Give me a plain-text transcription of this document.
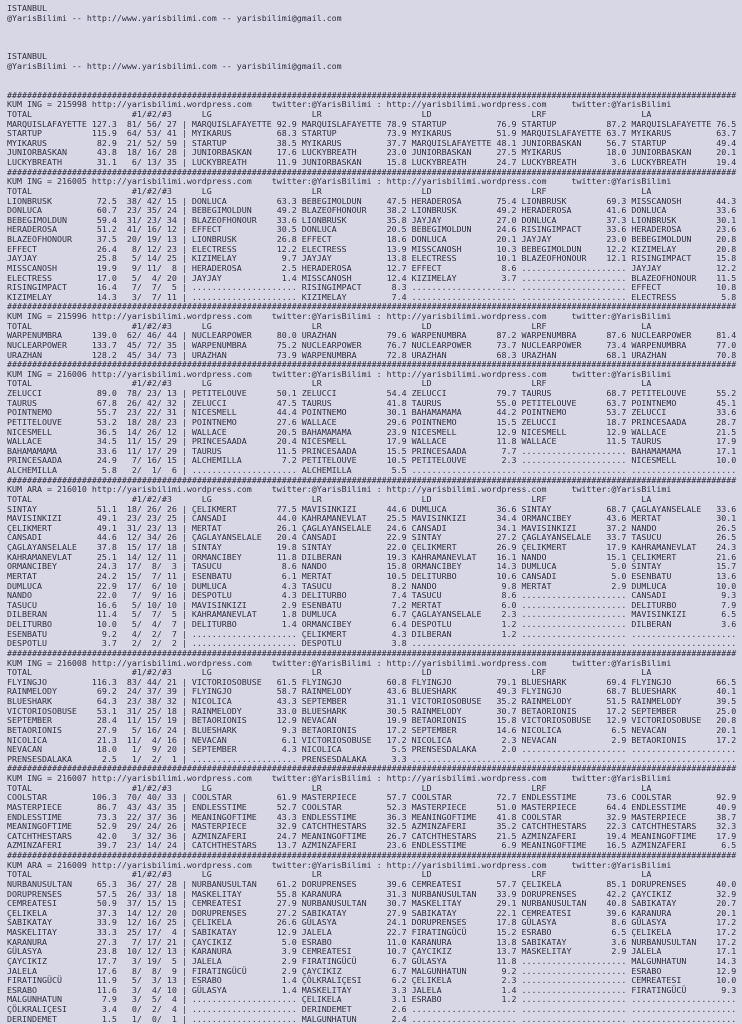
ISTANBUL
@YarisBilimi -- http://www.yarisbilimi.com -- yarisbilimi@gmail.com

ISTANBUL
@YarisBilimi -- http://www.yarisbilimi.com -- yarisbilimi@gmail.com

##################################################################################################################################################
KUM ING = 215998 http://yarisbilimi.wordpress.com    twitter:@YarisBilimi : http://yarisbilimi.wordpress.com     twitter:@YarisBilimi
TOTAL                    #1/#2/#3      LG                    LR                    LD                    LRF                   LA
MARQUISLAFAYETTE 127.3  81/ 56/ 27 | MARQUISLAFAYETTE 92.9 MARQUISLAFAYETTE 78.9 STARTUP          76.9 STARTUP          87.2 MARQUISLAFAYETTE 76.5
STARTUP          115.9  64/ 53/ 41 | MYIKARUS         68.3 STARTUP          73.9 MYIKARUS         51.9 MARQUISLAFAYETTE 63.7 MYIKARUS         63.7
MYIKARUS          82.9  21/ 52/ 59 | STARTUP          38.5 MYIKARUS         37.7 MARQUISLAFAYETTE 48.1 JUNIORBASKAN     56.7 STARTUP          49.4
JUNIORBASKAN      43.8  18/ 16/ 28 | JUNIORBASKAN     17.6 LUCKYBREATH      23.0 JUNIORBASKAN     27.5 MYIKARUS         18.0 JUNIORBASKAN     20.1
LUCKYBREATH       31.1   6/ 13/ 35 | LUCKYBREATH      11.9 JUNIORBASKAN     15.8 LUCKYBREATH      24.7 LUCKYBREATH       3.6 LUCKYBREATH      19.4
##################################################################################################################################################
KUM ING = 216005 http://yarisbilimi.wordpress.com    twitter:@YarisBilimi : http://yarisbilimi.wordpress.com     twitter:@YarisBilimi
TOTAL                    #1/#2/#3      LG                    LR                    LD                    LRF                   LA
LIONBRUSK         72.5  38/ 42/ 15 | DONLUCA          63.3 BEBEGIMOLDUN     47.5 HERADEROSA       75.4 LIONBRUSK        69.3 MISSCANOSH       44.3
DONLUCA           60.7  23/ 35/ 24 | BEBEGIMOLDUN     49.2 BLAZEOFHONOUR    38.2 LIONBRUSK        49.2 HERADEROSA       41.6 DONLUCA          33.6
BEBEGIMOLDUN      59.4  31/ 23/ 34 | BLAZEOFHONOUR    33.6 LIONBRUSK        35.8 JAYJAY           27.0 DONLUCA          37.3 LIONBRUSK        30.1
HERADEROSA        51.2  41/ 16/ 12 | EFFECT           30.5 DONLUCA          20.5 BEBEGIMOLDUN     24.6 RISINGIMPACT     33.6 HERADEROSA       23.6
BLAZEOFHONOUR     37.5  20/ 19/ 13 | LIONBRUSK        26.8 EFFECT           18.6 DONLUCA          20.1 JAYJAY           23.0 BEBEGIMOLDUN     20.8
EFFECT            26.4   8/ 12/ 23 | ELECTRESS        12.2 ELECTRESS        13.9 MISSCANOSH       10.3 BEBEGIMOLDUN     12.2 KIZIMELAY        20.8
JAYJAY            25.8   5/ 14/ 25 | KIZIMELAY         9.7 JAYJAY           13.8 ELECTRESS        10.1 BLAZEOFHONOUR    12.1 RISINGIMPACT     15.8
MISSCANOSH        19.9   9/ 11/  8 | HERADEROSA        2.5 HERADEROSA       12.7 EFFECT            8.6 ..................... JAYJAY           12.2
ELECTRESS         17.0   5/  4/ 20 | JAYJAY            1.4 MISSCANOSH       12.4 KIZIMELAY         3.7 ..................... BLAZEOFHONOUR    11.5
RISINGIMPACT      16.4   7/  7/  5 | ..................... RISINGIMPACT      8.3 ..................... ..................... EFFECT           10.8
KIZIMELAY         14.3   3/  7/ 11 | ..................... KIZIMELAY         7.4 ..................... ..................... ELECTRESS         5.8
##################################################################################################################################################
KUM ING = 215996 http://yarisbilimi.wordpress.com    twitter:@YarisBilimi : http://yarisbilimi.wordpress.com     twitter:@YarisBilimi
TOTAL                    #1/#2/#3      LG                    LR                    LD                    LRF                   LA
WARPENUMBRA      139.0  62/ 46/ 44 | NUCLEARPOWER     80.0 URAZHAN          79.6 WARPENUMBRA      87.2 WARPENUMBRA      87.6 NUCLEARPOWER     81.4
NUCLEARPOWER     133.7  45/ 72/ 35 | WARPENUMBRA      75.2 NUCLEARPOWER     76.7 NUCLEARPOWER     73.7 NUCLEARPOWER     73.4 WARPENUMBRA      77.0
URAZHAN          128.2  45/ 34/ 73 | URAZHAN          73.9 WARPENUMBRA      72.8 URAZHAN          68.3 URAZHAN          68.1 URAZHAN          70.8
##################################################################################################################################################
KUM ING = 216006 http://yarisbilimi.wordpress.com    twitter:@YarisBilimi : http://yarisbilimi.wordpress.com     twitter:@YarisBilimi
TOTAL                    #1/#2/#3      LG                    LR                    LD                    LRF                   LA
ZELUCCI           89.0  78/ 23/ 13 | PETITELOUVE      50.1 ZELUCCI          54.4 ZELUCCI          79.7 TAURUS           68.7 PETITELOUVE      55.2
TAURUS            67.8  26/ 42/ 32 | ZELUCCI          47.5 TAURUS           41.8 TAURUS           55.0 PETITELOUVE      63.7 POINTNEMO        45.1
POINTNEMO         55.7  23/ 22/ 31 | NICESMELL        44.4 POINTNEMO        30.1 BAHAMAMAMA       44.2 POINTNEMO        53.7 ZELUCCI          33.6
PETITELOUVE       53.2  18/ 28/ 23 | POINTNEMO        27.6 WALLACE          29.6 POINTNEMO        15.5 ZELUCCI          18.7 PRINCESAADA      28.7
NICESMELL         36.5  14/ 26/ 12 | WALLACE          20.5 BAHAMAMAMA       23.9 NICESMELL        12.9 NICESMELL        12.9 WALLACE          21.5
WALLACE           34.5  11/ 15/ 29 | PRINCESAADA      20.4 NICESMELL        17.9 WALLACE          11.8 WALLACE          11.5 TAURUS           17.9
BAHAMAMAMA        33.6  11/ 17/ 29 | TAURUS           11.5 PRINCESAADA      15.5 PRINCESAADA       7.7 ..................... BAHAMAMAMA       17.1
PRINCESAADA       24.9   7/ 16/ 15 | ALCHEMILLA        7.2 PETITELOUVE      10.5 PETITELOUVE       2.3 ..................... NICESMELL        10.0
ALCHEMILLA         5.8   2/  1/  6 | ..................... ALCHEMILLA        5.5 ..................... ..................... .....................
##################################################################################################################################################
KUM ARA = 216010 http://yarisbilimi.wordpress.com    twitter:@YarisBilimi : http://yarisbilimi.wordpress.com     twitter:@YarisBilimi
TOTAL                    #1/#2/#3      LG                    LR                    LD                    LRF                   LA
SINTAY            51.1  18/ 26/ 26 | ÇELIKMERT        77.5 MAVISINKIZI      44.6 DUMLUCA          36.6 SINTAY           68.7 ÇAGLAYANSELALE   33.6
MAVISINKIZI       49.1  23/ 23/ 25 | CANSADI          44.0 KAHRAMANEVLAT    25.5 MAVISINKIZI      34.4 ORMANCIBEY       43.6 MERTAT           30.1
ÇELIKMERT         49.1  31/ 23/ 13 | MERTAT           26.1 ÇAGLAYANSELALE   24.6 CANSADI          34.1 MAVISINKIZI      37.2 NANDO            26.5
CANSADI           44.6  12/ 34/ 26 | ÇAGLAYANSELALE   20.4 CANSADI          22.9 SINTAY           27.2 ÇAGLAYANSELALE   33.7 TASUCU           26.5
ÇAGLAYANSELALE    37.8  15/ 17/ 18 | SINTAY           19.8 SINTAY           22.0 ÇELIKMERT        26.9 ÇELIKMERT        17.9 KAHRAMANEVLAT    24.3
KAHRAMANEVLAT     25.1  14/ 12/ 11 | ORMANCIBEY       11.8 DILBERAN         19.3 KAHRAMANEVLAT    16.1 NANDO            15.1 ÇELIKMERT        21.6
ORMANCIBEY        24.3  17/  8/  3 | TASUCU            8.6 NANDO            15.8 ORMANCIBEY       14.3 DUMLUCA           5.0 SINTAY           15.7
MERTAT            24.2  15/  7/ 11 | ESENBATU          6.1 MERTAT           10.5 DELITURBO        10.6 CANSADI           5.0 ESENBATU         13.6
DUMLUCA           22.9  17/  6/ 10 | DUMLUCA           4.3 TASUCU            8.2 NANDO             9.8 MERTAT            2.9 DUMLUCA          10.0
NANDO             22.0   7/  9/ 16 | DESPOTLU          4.3 DELITURBO         7.4 TASUCU            8.6 ..................... CANSADI           9.3
TASUCU            16.6   5/ 10/ 10 | MAVISINKIZI       2.9 ESENBATU          7.2 MERTAT            6.0 ..................... DELITURBO         7.9
DILBERAN          11.4   5/  7/  5 | KAHRAMANEVLAT     1.8 DUMLUCA           6.7 ÇAGLAYANSELALE    2.3 ..................... MAVISINKIZI       6.5
DELITURBO         10.0   5/  4/  7 | DELITURBO         1.4 ORMANCIBEY        6.4 DESPOTLU          1.2 ..................... DILBERAN          3.6
ESENBATU           9.2   4/  2/  7 | ..................... ÇELIKMERT         4.3 DILBERAN          1.2 ..................... .....................
DESPOTLU           3.7   2/  2/  2 | ..................... DESPOTLU          3.8 ..................... ..................... .....................
##################################################################################################################################################
KUM ING = 216008 http://yarisbilimi.wordpress.com    twitter:@YarisBilimi : http://yarisbilimi.wordpress.com     twitter:@YarisBilimi
TOTAL                    #1/#2/#3      LG                    LR                    LD                    LRF                   LA
FLYINGJO         116.3  83/ 44/ 21 | VICTORIOSOBUSE   61.5 FLYINGJO         60.8 FLYINGJO         79.1 BLUESHARK        69.4 FLYINGJO         66.5
RAINMELODY        69.2  24/ 37/ 39 | FLYINGJO         58.7 RAINMELODY       43.6 BLUESHARK        49.3 FLYINGJO         68.7 BLUESHARK        40.1
BLUESHARK         64.3  23/ 38/ 32 | NICOLICA         43.3 SEPTEMBER        31.1 VICTORIOSOBUSE   35.2 RAINMELODY       51.5 RAINMELODY       39.5
VICTORIOSOBUSE    53.1  31/ 25/ 18 | RAINMELODY       33.0 BLUESHARK        30.5 RAINMELODY       30.7 BETAORIONIS      17.2 SEPTEMBER        25.0
SEPTEMBER         28.4  11/ 15/ 19 | BETAORIONIS      12.9 NEVACAN          19.9 BETAORIONIS      15.8 VICTORIOSOBUSE   12.9 VICTORIOSOBUSE   20.8
BETAORIONIS       27.9   5/ 16/ 24 | BLUESHARK         9.3 BETAORIONIS      17.2 SEPTEMBER        14.6 NICOLICA          6.5 NEVACAN          20.1
NICOLICA          21.3  11/  4/ 16 | NEVACAN           6.1 VICTORIOSOBUSE   17.2 NICOLICA          2.3 NEVACAN           2.9 BETAORIONIS      17.2
NEVACAN           18.0   1/  9/ 20 | SEPTEMBER         4.3 NICOLICA          5.5 PRENSESDALAKA     2.0 ..................... .....................
PRENSESDALAKA      2.5   1/  2/  1 | ..................... PRENSESDALAKA     3.3 ..................... ..................... .....................
##################################################################################################################################################
KUM ING = 216007 http://yarisbilimi.wordpress.com    twitter:@YarisBilimi : http://yarisbilimi.wordpress.com     twitter:@YarisBilimi
TOTAL                    #1/#2/#3      LG                    LR                    LD                    LRF                   LA
COOLSTAR         106.3  70/ 40/ 33 | COOLSTAR         61.9 MASTERPIECE      57.7 COOLSTAR         72.7 ENDLESSTIME      73.6 COOLSTAR         92.9
MASTERPIECE       86.7  43/ 43/ 35 | ENDLESSTIME      52.7 COOLSTAR         52.3 MASTERPIECE      51.0 MASTERPIECE      64.4 ENDLESSTIME      40.9
ENDLESSTIME       73.3  22/ 37/ 36 | MEANINGOFTIME    43.3 ENDLESSTIME      36.3 MEANINGOFTIME    41.8 COOLSTAR         32.9 MASTERPIECE      38.7
MEANINGOFTIME     52.9  29/ 24/ 26 | MASTERPIECE      32.9 CATCHTHESTARS    32.5 AZMINZAFERI      35.2 CATCHTHESTARS    22.3 CATCHTHESTARS    32.3
CATCHTHESTARS     42.0   3/ 32/ 36 | AZMINZAFERI      24.7 MEANINGOFTIME    26.7 CATCHTHESTARS    21.5 AZMINZAFERI      19.4 MEANINGOFTIME    17.9
AZMINZAFERI       39.7  23/ 14/ 24 | CATCHTHESTARS    13.7 AZMINZAFERI      23.6 ENDLESSTIME       6.9 MEANINGOFTIME    16.5 AZMINZAFERI       6.5
##################################################################################################################################################
KUM ARA = 216009 http://yarisbilimi.wordpress.com    twitter:@YarisBilimi : http://yarisbilimi.wordpress.com     twitter:@YarisBilimi
TOTAL                    #1/#2/#3      LG                    LR                    LD                    LRF                   LA
NURBANUSULTAN     65.3  36/ 27/ 28 | NURBANUSULTAN    61.2 DORUPRENSES      39.6 CEMREATESI       57.7 ÇELIKELA         85.1 DORUPRENSES      40.0
DORUPRENSES       57.5  26/ 33/ 18 | MASKELITAY       55.8 KARANURA         31.3 NURBANUSULTAN    33.9 DORUPRENSES      42.2 ÇAYCIKIZ         32.9
CEMREATESI        50.9  37/ 15/ 15 | CEMREATESI       27.9 NURBANUSULTAN    30.7 MASKELITAY       29.1 NURBANUSULTAN    40.8 SABIKATAY        20.7
ÇELIKELA          37.3  14/ 12/ 20 | DORUPRENSES      27.2 SABIKATAY        27.9 SABIKATAY        22.1 CEMREATESI       39.6 KARANURA         20.1
SABIKATAY         33.9  12/ 16/ 25 | ÇELIKELA         26.6 GÜLASYA          24.1 DORUPRENSES      17.8 GÜLASYA           8.6 GÜLASYA          17.2
MASKELITAY        33.3  25/ 17/  4 | SABIKATAY        12.9 JALELA           22.7 FIRATINGÜCÜ      15.2 ESRABO            6.5 ÇELIKELA         17.2
KARANURA          27.3   7/ 17/ 21 | ÇAYCIKIZ          5.0 ESRABO           11.0 KARANURA         13.8 SABIKATAY         3.6 NURBANUSULTAN    17.2
GÜLASYA           23.8  10/ 12/ 13 | KARANURA          3.9 CEMREATESI       10.7 ÇAYCIKIZ         13.7 MASKELITAY        2.9 JALELA           17.1
ÇAYCIKIZ          17.7   3/ 19/  5 | JALELA            2.9 FIRATINGÜCÜ       6.7 GÜLASYA          11.8 ..................... MALGUNHATUN      14.3
JALELA            17.6   8/  8/  9 | FIRATINGÜCÜ       2.9 ÇAYCIKIZ          6.7 MALGUNHATUN       9.2 ..................... ESRABO           12.9
FIRATINGÜCÜ       11.9   5/  3/ 13 | ESRABO            1.4 ÇÖLKRALIÇESI      6.2 ÇELIKELA          2.3 ..................... CEMREATESI       10.0
ESRABO            11.6   3/  4/ 10 | GÜLASYA           1.4 MASKELITAY        3.3 JALELA            1.4 ..................... FIRATINGÜCÜ       9.3
MALGUNHATUN        7.9   3/  5/  4 | ..................... ÇELIKELA          3.1 ESRABO            1.2 ..................... .....................
ÇÖLKRALIÇESI       3.4   0/  2/  4 | ..................... DERINDEMET        2.6 ..................... ..................... .....................
DERINDEMET         1.5   1/  0/  1 | ..................... MALGUNHATUN       2.4 ..................... ..................... .....................
